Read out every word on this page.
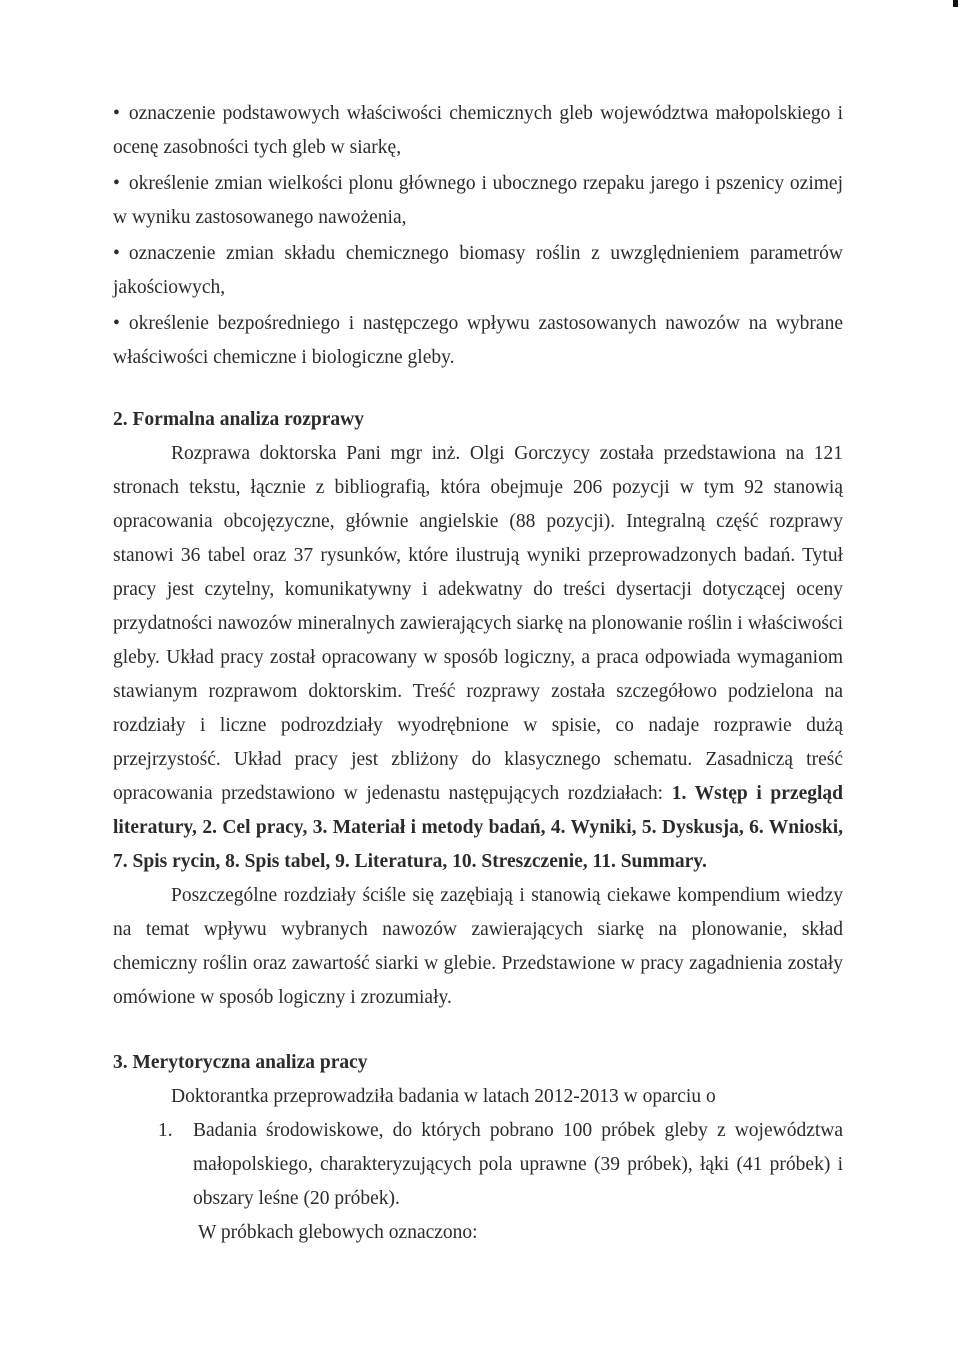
• oznaczenie podstawowych właściwości chemicznych gleb województwa małopolskiego i ocenę zasobności tych gleb w siarkę,

• określenie zmian wielkości plonu głównego i ubocznego rzepaku jarego i pszenicy ozimej w wyniku zastosowanego nawożenia,

• oznaczenie zmian składu chemicznego biomasy roślin z uwzględnieniem parametrów jakościowych,

• określenie bezpośredniego i następczego wpływu zastosowanych nawozów na wybrane właściwości chemiczne i biologiczne gleby.

2. Formalna analiza rozprawy

Rozprawa doktorska Pani mgr inż. Olgi Gorczycy została przedstawiona na 121 stronach tekstu, łącznie z bibliografią, która obejmuje 206 pozycji w tym 92 stanowią opracowania obcojęzyczne, głównie angielskie (88 pozycji). Integralną część rozprawy stanowi 36 tabel oraz 37 rysunków, które ilustrują wyniki przeprowadzonych badań. Tytuł pracy jest czytelny, komunikatywny i adekwatny do treści dysertacji dotyczącej oceny przydatności nawozów mineralnych zawierających siarkę na plonowanie roślin i właściwości gleby. Układ pracy został opracowany w sposób logiczny, a praca odpowiada wymaganiom stawianym rozprawom doktorskim. Treść rozprawy została szczegółowo podzielona na rozdziały i liczne podrozdziały wyodrębnione w spisie, co nadaje rozprawie dużą przejrzystość. Układ pracy jest zbliżony do klasycznego schematu. Zasadniczą treść opracowania przedstawiono w jedenastu następujących rozdziałach: 1. Wstęp i przegląd literatury, 2. Cel pracy, 3. Materiał i metody badań, 4. Wyniki, 5. Dyskusja, 6. Wnioski, 7. Spis rycin, 8. Spis tabel, 9. Literatura, 10. Streszczenie, 11. Summary.

Poszczególne rozdziały ściśle się zazębiają i stanowią ciekawe kompendium wiedzy na temat wpływu wybranych nawozów zawierających siarkę na plonowanie, skład chemiczny roślin oraz zawartość siarki w glebie. Przedstawione w pracy zagadnienia zostały omówione w sposób logiczny i zrozumiały.

3. Merytoryczna analiza pracy

Doktorantka przeprowadziła badania w latach 2012-2013 w oparciu o

1.	Badania środowiskowe, do których pobrano 100 próbek gleby z województwa małopolskiego, charakteryzujących pola uprawne (39 próbek), łąki (41 próbek) i obszary leśne (20 próbek).

W próbkach glebowych oznaczono:
